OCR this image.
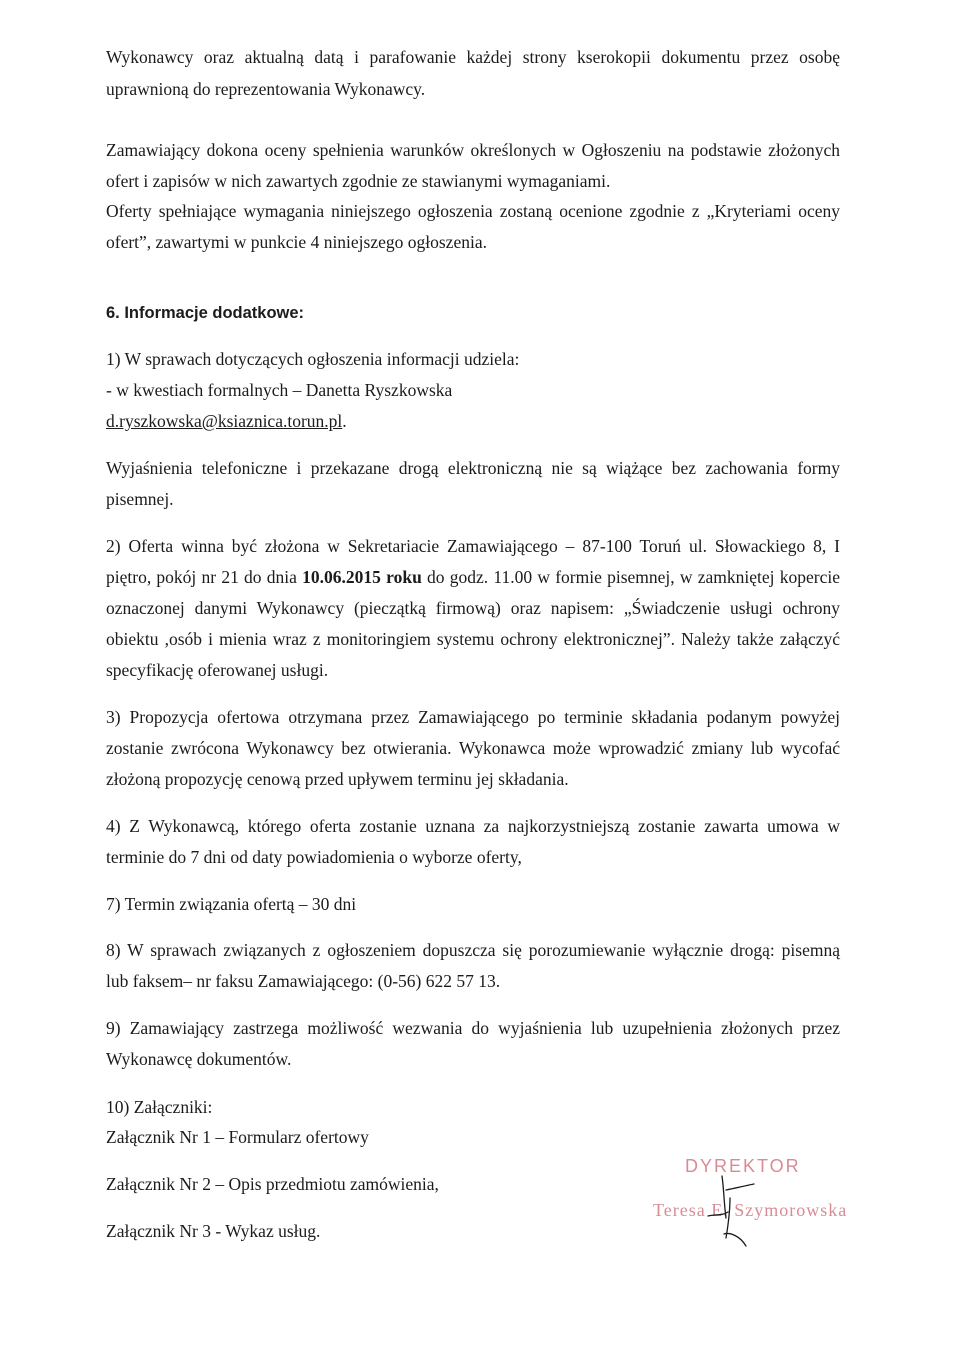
Wykonawcy oraz aktualną datą i parafowanie każdej strony kserokopii dokumentu przez osobę
uprawnioną do reprezentowania Wykonawcy.
Zamawiający dokona oceny spełnienia warunków określonych w Ogłoszeniu na podstawie złożonych
ofert i zapisów w nich zawartych zgodnie ze stawianymi wymaganiami.
Oferty spełniające wymagania niniejszego ogłoszenia zostaną ocenione zgodnie z „Kryteriami oceny
ofert”, zawartymi w punkcie 4 niniejszego ogłoszenia.
6. Informacje dodatkowe:
1) W sprawach dotyczących ogłoszenia informacji udziela:
- w kwestiach formalnych – Danetta Ryszkowska
d.ryszkowska@ksiaznica.torun.pl.
Wyjaśnienia telefoniczne i przekazane drogą elektroniczną nie są wiążące bez zachowania formy
pisemnej.
2) Oferta winna być złożona w Sekretariacie Zamawiającego – 87-100 Toruń ul. Słowackiego 8, I
piętro, pokój nr 21 do dnia 10.06.2015 roku do godz. 11.00 w formie pisemnej, w zamkniętej kopercie
oznaczonej danymi Wykonawcy (pieczątką firmową) oraz napisem: „Świadczenie usługi ochrony
obiektu ,osób i mienia wraz z monitoringiem systemu ochrony elektronicznej”. Należy także załączyć
specyfikację oferowanej usługi.
3) Propozycja ofertowa otrzymana przez Zamawiającego po terminie składania podanym powyżej
zostanie zwrócona Wykonawcy bez otwierania. Wykonawca może wprowadzić zmiany lub wycofać
złożoną propozycję cenową przed upływem terminu jej składania.
4) Z Wykonawcą, którego oferta zostanie uznana za najkorzystniejszą zostanie zawarta umowa w
terminie do 7 dni od daty powiadomienia o wyborze oferty,
7) Termin związania ofertą – 30 dni
8) W sprawach związanych z ogłoszeniem dopuszcza się porozumiewanie wyłącznie drogą: pisemną
lub faksem– nr faksu Zamawiającego: (0-56) 622 57 13.
9) Zamawiający zastrzega możliwość wezwania do wyjaśnienia lub uzupełnienia złożonych przez
Wykonawcę dokumentów.
10) Załączniki:
Załącznik Nr 1 – Formularz ofertowy
Załącznik Nr 2 – Opis przedmiotu zamówienia,
Załącznik Nr 3 - Wykaz usług.
DYREKTOR
Teresa E. Szymorowska
